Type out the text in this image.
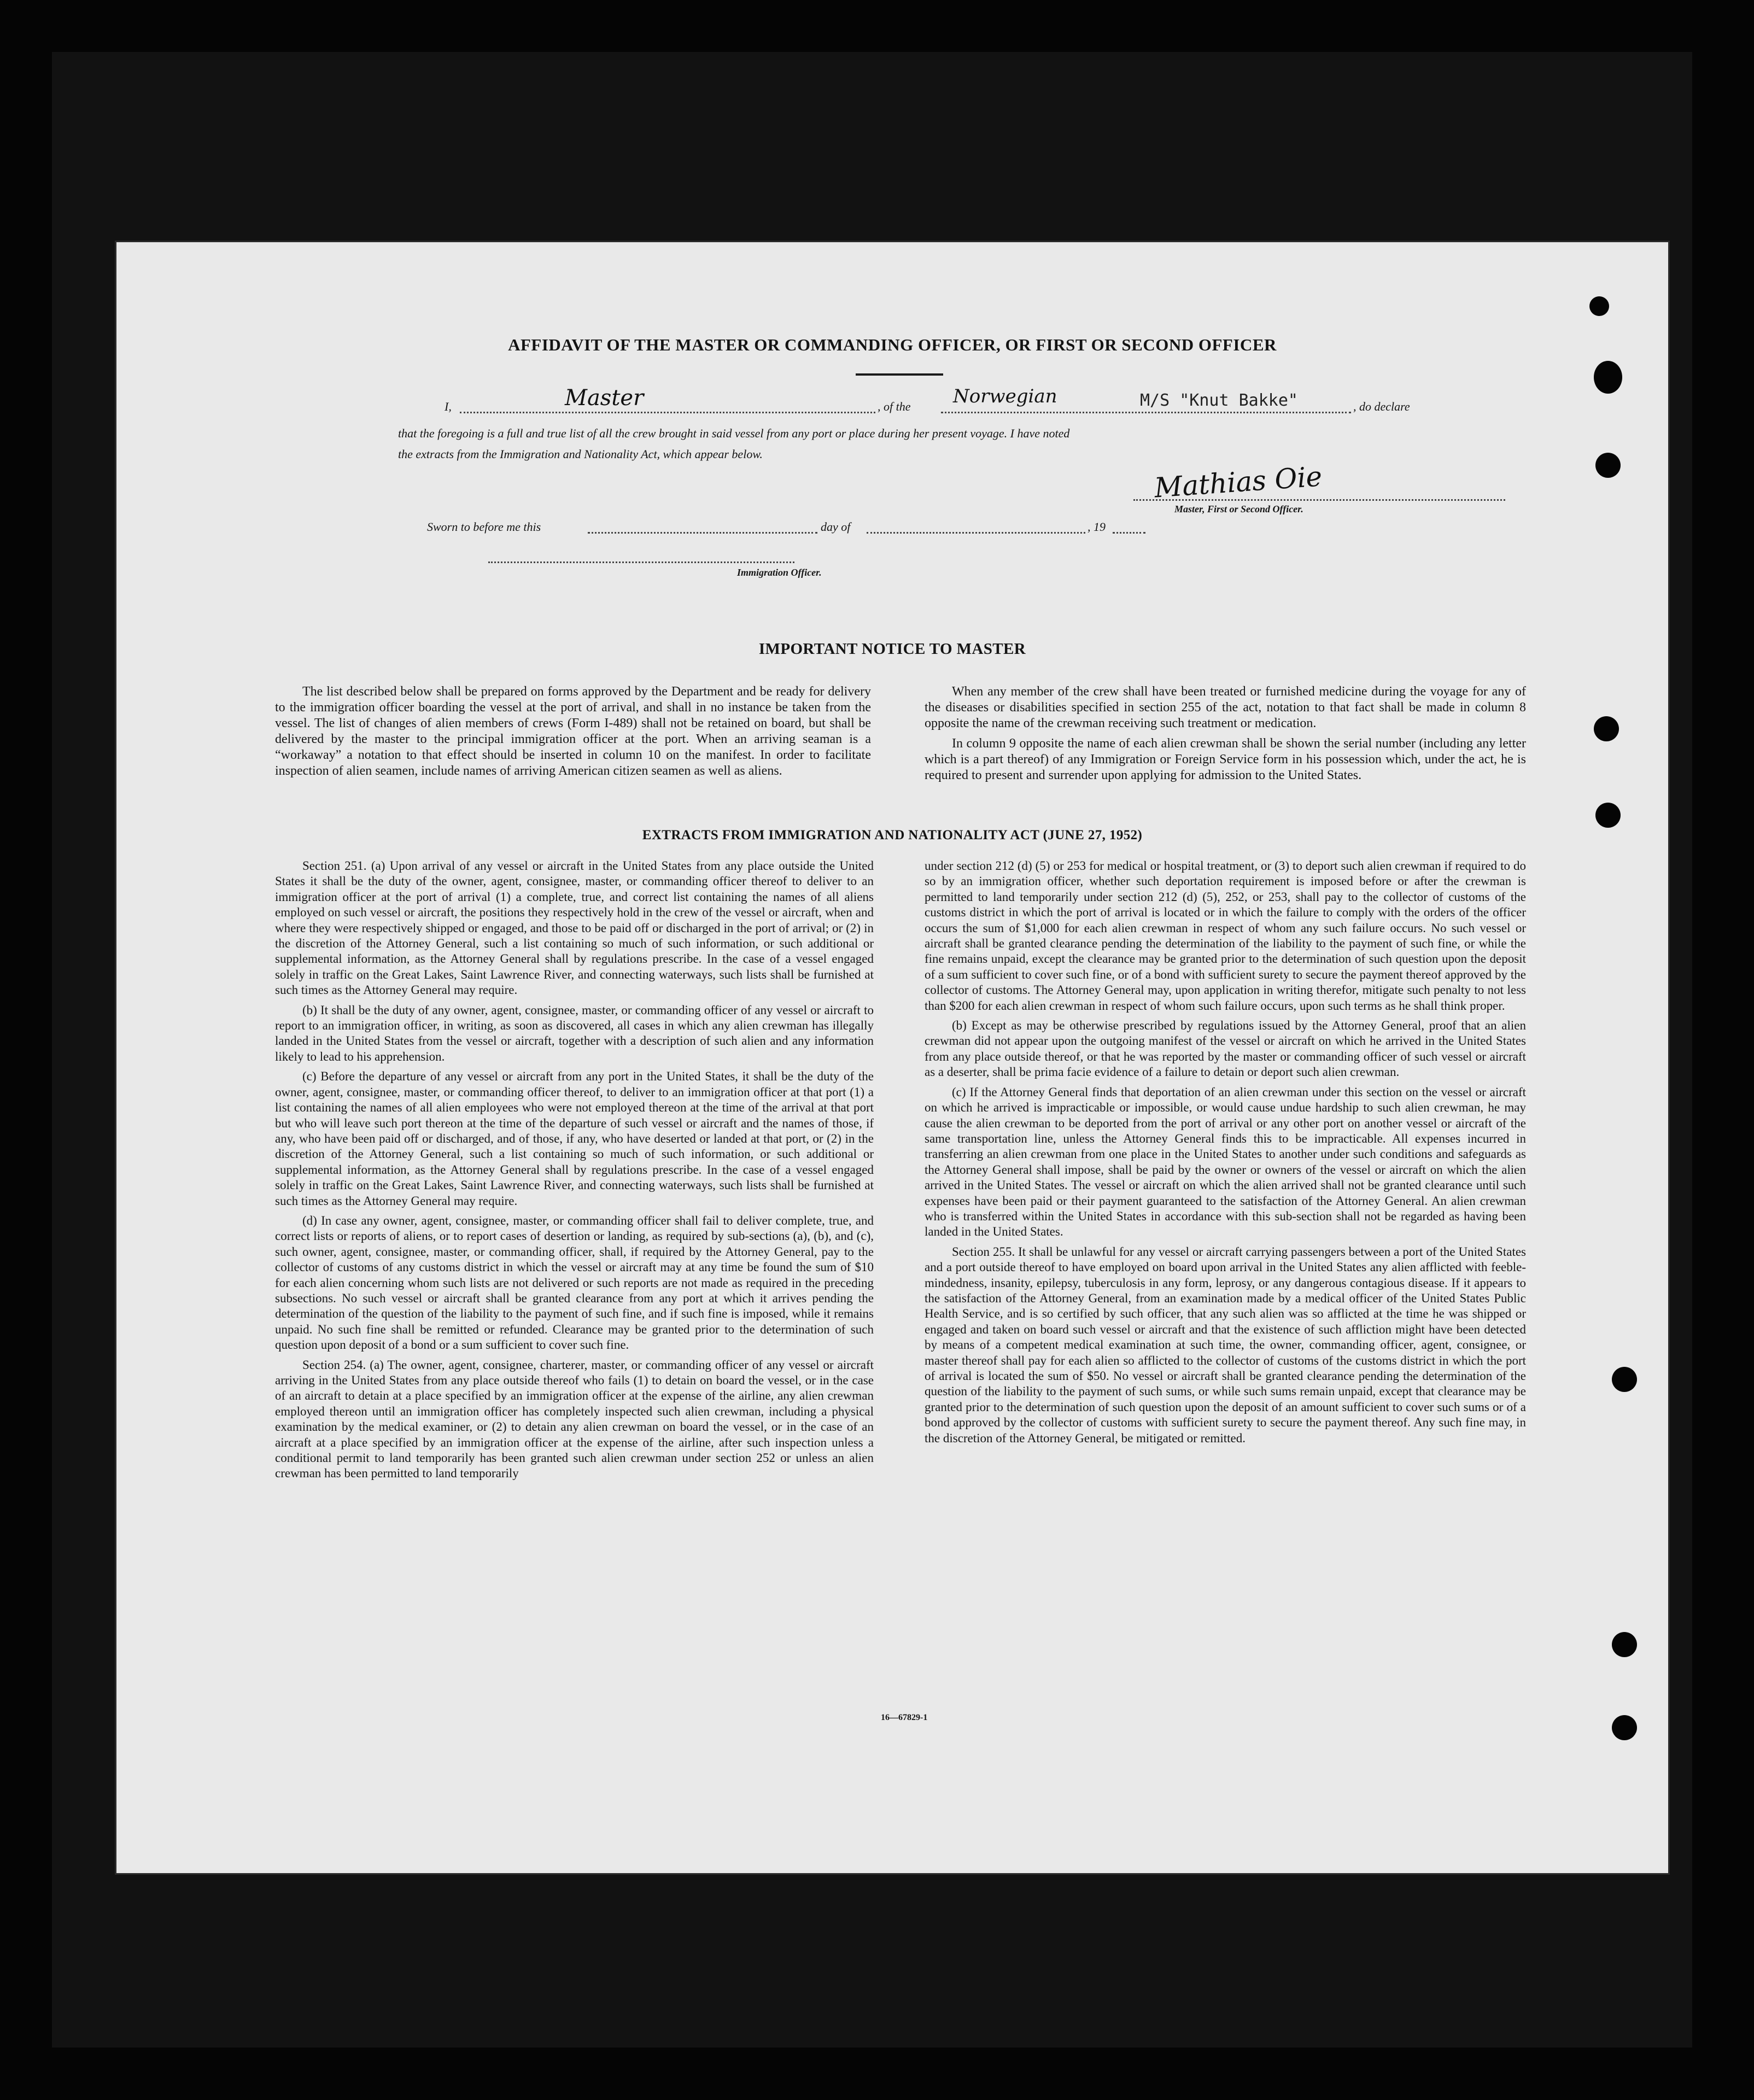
AFFIDAVIT OF THE MASTER OR COMMANDING OFFICER, OR FIRST OR SECOND OFFICER
I,	Master	, of the Norwegian	M/S "Knut Bakke"	, do declare
that the foregoing is a full and true list of all the crew brought in said vessel from any port or place during her present voyage. I have noted
the extracts from the Immigration and Nationality Act, which appear below.
Mathias Oie
Master, First or Second Officer.
Sworn to before me this	day of	, 19
Immigration Officer.
IMPORTANT NOTICE TO MASTER

The list described below shall be prepared on forms approved by the Department and be ready for delivery to the immigration officer boarding the vessel at the port of arrival, and shall in no instance be taken from the vessel. The list of changes of alien members of crews (Form I-489) shall not be retained on board, but shall be delivered by the master to the principal immigration officer at the port. When an arriving seaman is a “workaway” a notation to that effect should be inserted in column 10 on the manifest. In order to facilitate inspection of alien seamen, include names of arriving American citizen seamen as well as aliens.

When any member of the crew shall have been treated or furnished medicine during the voyage for any of the diseases or disabilities specified in section 255 of the act, notation to that fact shall be made in column 8 opposite the name of the crewman receiving such treatment or medication.

In column 9 opposite the name of each alien crewman shall be shown the serial number (including any letter which is a part thereof) of any Immigration or Foreign Service form in his possession which, under the act, he is required to present and surrender upon applying for admission to the United States.

EXTRACTS FROM IMMIGRATION AND NATIONALITY ACT (JUNE 27, 1952)

Section 251. (a) Upon arrival of any vessel or aircraft in the United States from any place outside the United States it shall be the duty of the owner, agent, consignee, master, or commanding officer thereof to deliver to an immigration officer at the port of arrival (1) a complete, true, and correct list containing the names of all aliens employed on such vessel or aircraft, the positions they respectively hold in the crew of the vessel or aircraft, when and where they were respectively shipped or engaged, and those to be paid off or discharged in the port of arrival; or (2) in the discretion of the Attorney General, such a list containing so much of such information, or such additional or supplemental information, as the Attorney General shall by regulations prescribe. In the case of a vessel engaged solely in traffic on the Great Lakes, Saint Lawrence River, and connecting waterways, such lists shall be furnished at such times as the Attorney General may require.

(b) It shall be the duty of any owner, agent, consignee, master, or commanding officer of any vessel or aircraft to report to an immigration officer, in writing, as soon as discovered, all cases in which any alien crewman has illegally landed in the United States from the vessel or aircraft, together with a description of such alien and any information likely to lead to his apprehension.

(c) Before the departure of any vessel or aircraft from any port in the United States, it shall be the duty of the owner, agent, consignee, master, or commanding officer thereof, to deliver to an immigration officer at that port (1) a list containing the names of all alien employees who were not employed thereon at the time of the arrival at that port but who will leave such port thereon at the time of the departure of such vessel or aircraft and the names of those, if any, who have been paid off or discharged, and of those, if any, who have deserted or landed at that port, or (2) in the discretion of the Attorney General, such a list containing so much of such information, or such additional or supplemental information, as the Attorney General shall by regulations prescribe. In the case of a vessel engaged solely in traffic on the Great Lakes, Saint Lawrence River, and connecting waterways, such lists shall be furnished at such times as the Attorney General may require.

(d) In case any owner, agent, consignee, master, or commanding officer shall fail to deliver complete, true, and correct lists or reports of aliens, or to report cases of desertion or landing, as required by sub-sections (a), (b), and (c), such owner, agent, consignee, master, or commanding officer, shall, if required by the Attorney General, pay to the collector of customs of any customs district in which the vessel or aircraft may at any time be found the sum of $10 for each alien concerning whom such lists are not delivered or such reports are not made as required in the preceding subsections. No such vessel or aircraft shall be granted clearance from any port at which it arrives pending the determination of the question of the liability to the payment of such fine, and if such fine is imposed, while it remains unpaid. No such fine shall be remitted or refunded. Clearance may be granted prior to the determination of such question upon deposit of a bond or a sum sufficient to cover such fine.

Section 254. (a) The owner, agent, consignee, charterer, master, or commanding officer of any vessel or aircraft arriving in the United States from any place outside thereof who fails (1) to detain on board the vessel, or in the case of an aircraft to detain at a place specified by an immigration officer at the expense of the airline, any alien crewman employed thereon until an immigration officer has completely inspected such alien crewman, including a physical examination by the medical examiner, or (2) to detain any alien crewman on board the vessel, or in the case of an aircraft at a place specified by an immigration officer at the expense of the airline, after such inspection unless a conditional permit to land temporarily has been granted such alien crewman under section 252 or unless an alien crewman has been permitted to land temporarily

under section 212 (d) (5) or 253 for medical or hospital treatment, or (3) to deport such alien crewman if required to do so by an immigration officer, whether such deportation requirement is imposed before or after the crewman is permitted to land temporarily under section 212 (d) (5), 252, or 253, shall pay to the collector of customs of the customs district in which the port of arrival is located or in which the failure to comply with the orders of the officer occurs the sum of $1,000 for each alien crewman in respect of whom any such failure occurs. No such vessel or aircraft shall be granted clearance pending the determination of the liability to the payment of such fine, or while the fine remains unpaid, except the clearance may be granted prior to the determination of such question upon the deposit of a sum sufficient to cover such fine, or of a bond with sufficient surety to secure the payment thereof approved by the collector of customs. The Attorney General may, upon application in writing therefor, mitigate such penalty to not less than $200 for each alien crewman in respect of whom such failure occurs, upon such terms as he shall think proper.

(b) Except as may be otherwise prescribed by regulations issued by the Attorney General, proof that an alien crewman did not appear upon the outgoing manifest of the vessel or aircraft on which he arrived in the United States from any place outside thereof, or that he was reported by the master or commanding officer of such vessel or aircraft as a deserter, shall be prima facie evidence of a failure to detain or deport such alien crewman.

(c) If the Attorney General finds that deportation of an alien crewman under this section on the vessel or aircraft on which he arrived is impracticable or impossible, or would cause undue hardship to such alien crewman, he may cause the alien crewman to be deported from the port of arrival or any other port on another vessel or aircraft of the same transportation line, unless the Attorney General finds this to be impracticable. All expenses incurred in transferring an alien crewman from one place in the United States to another under such conditions and safeguards as the Attorney General shall impose, shall be paid by the owner or owners of the vessel or aircraft on which the alien arrived in the United States. The vessel or aircraft on which the alien arrived shall not be granted clearance until such expenses have been paid or their payment guaranteed to the satisfaction of the Attorney General. An alien crewman who is transferred within the United States in accordance with this sub-section shall not be regarded as having been landed in the United States.

Section 255. It shall be unlawful for any vessel or aircraft carrying passengers between a port of the United States and a port outside thereof to have employed on board upon arrival in the United States any alien afflicted with feeble-mindedness, insanity, epilepsy, tuberculosis in any form, leprosy, or any dangerous contagious disease. If it appears to the satisfaction of the Attorney General, from an examination made by a medical officer of the United States Public Health Service, and is so certified by such officer, that any such alien was so afflicted at the time he was shipped or engaged and taken on board such vessel or aircraft and that the existence of such affliction might have been detected by means of a competent medical examination at such time, the owner, commanding officer, agent, consignee, or master thereof shall pay for each alien so afflicted to the collector of customs of the customs district in which the port of arrival is located the sum of $50. No vessel or aircraft shall be granted clearance pending the determination of the question of the liability to the payment of such sums, or while such sums remain unpaid, except that clearance may be granted prior to the determination of such question upon the deposit of an amount sufficient to cover such sums or of a bond approved by the collector of customs with sufficient surety to secure the payment thereof. Any such fine may, in the discretion of the Attorney General, be mitigated or remitted.

16—67829-1
